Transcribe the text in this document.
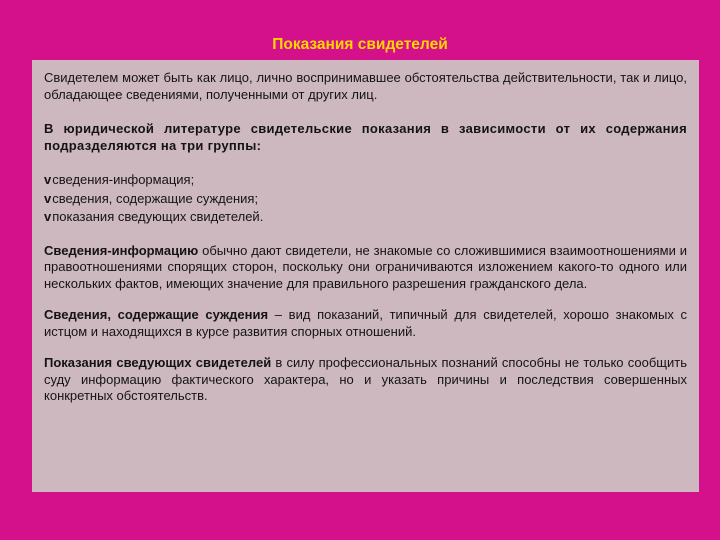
Показания свидетелей

Свидетелем может быть как лицо, лично воспринимавшее обстоятельства действительности, так и лицо, обладающее сведениями, полученными от других лиц.

В юридической литературе свидетельские показания в зависимости от их содержания подразделяются на три группы:

vсведения-информация;
vсведения, содержащие суждения;
vпоказания сведующих свидетелей.

Сведения-информацию обычно дают свидетели, не знакомые со сложившимися взаимоотношениями и правоотношениями спорящих сторон, поскольку они ограничиваются изложением какого-то одного или нескольких фактов, имеющих значение для правильного разрешения гражданского дела.

Сведения, содержащие суждения – вид показаний, типичный для свидетелей, хорошо знакомых с истцом и находящихся в курсе развития спорных отношений.

Показания сведующих свидетелей в силу профессиональных познаний способны не только сообщить суду информацию фактического характера, но и указать причины и последствия совершенных конкретных обстоятельств.
